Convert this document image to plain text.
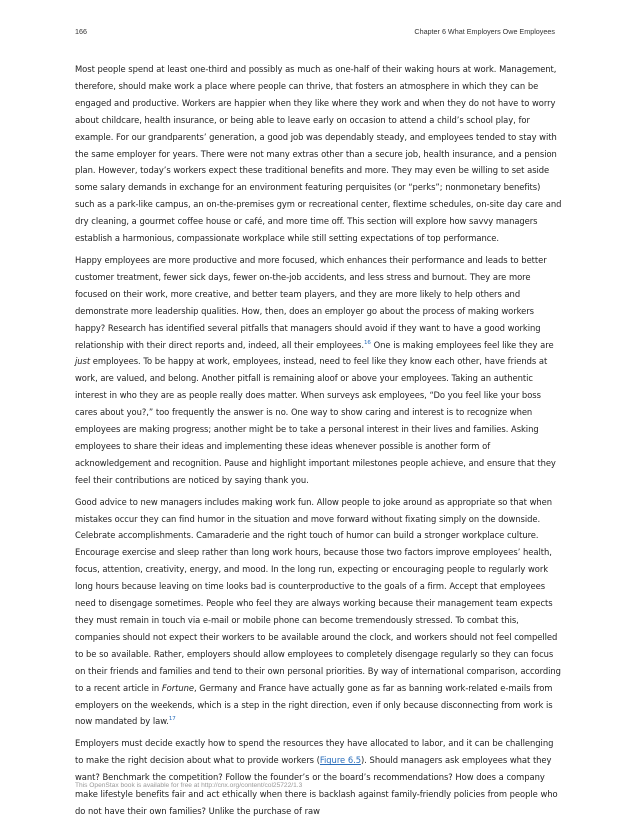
166	Chapter 6 What Employers Owe Employees

Most people spend at least one-third and possibly as much as one-half of their waking hours at work. Management, therefore, should make work a place where people can thrive, that fosters an atmosphere in which they can be engaged and productive. Workers are happier when they like where they work and when they do not have to worry about childcare, health insurance, or being able to leave early on occasion to attend a child’s school play, for example. For our grandparents’ generation, a good job was dependably steady, and employees tended to stay with the same employer for years. There were not many extras other than a secure job, health insurance, and a pension plan. However, today’s workers expect these traditional benefits and more. They may even be willing to set aside some salary demands in exchange for an environment featuring perquisites (or “perks”; nonmonetary benefits) such as a park-like campus, an on-the-premises gym or recreational center, flextime schedules, on-site day care and dry cleaning, a gourmet coffee house or café, and more time off. This section will explore how savvy managers establish a harmonious, compassionate workplace while still setting expectations of top performance.

Happy employees are more productive and more focused, which enhances their performance and leads to better customer treatment, fewer sick days, fewer on-the-job accidents, and less stress and burnout. They are more focused on their work, more creative, and better team players, and they are more likely to help others and demonstrate more leadership qualities. How, then, does an employer go about the process of making workers happy? Research has identified several pitfalls that managers should avoid if they want to have a good working relationship with their direct reports and, indeed, all their employees.$^{16}$ One is making employees feel like they are just employees. To be happy at work, employees, instead, need to feel like they know each other, have friends at work, are valued, and belong. Another pitfall is remaining aloof or above your employees. Taking an authentic interest in who they are as people really does matter. When surveys ask employees, “Do you feel like your boss cares about you?,” too frequently the answer is no. One way to show caring and interest is to recognize when employees are making progress; another might be to take a personal interest in their lives and families. Asking employees to share their ideas and implementing these ideas whenever possible is another form of acknowledgement and recognition. Pause and highlight important milestones people achieve, and ensure that they feel their contributions are noticed by saying thank you.

Good advice to new managers includes making work fun. Allow people to joke around as appropriate so that when mistakes occur they can find humor in the situation and move forward without fixating simply on the downside. Celebrate accomplishments. Camaraderie and the right touch of humor can build a stronger workplace culture. Encourage exercise and sleep rather than long work hours, because those two factors improve employees’ health, focus, attention, creativity, energy, and mood. In the long run, expecting or encouraging people to regularly work long hours because leaving on time looks bad is counterproductive to the goals of a firm. Accept that employees need to disengage sometimes. People who feel they are always working because their management team expects they must remain in touch via e-mail or mobile phone can become tremendously stressed. To combat this, companies should not expect their workers to be available around the clock, and workers should not feel compelled to be so available. Rather, employers should allow employees to completely disengage regularly so they can focus on their friends and families and tend to their own personal priorities. By way of international comparison, according to a recent article in Fortune, Germany and France have actually gone as far as banning work-related e-mails from employers on the weekends, which is a step in the right direction, even if only because disconnecting from work is now mandated by law.$^{17}$

Employers must decide exactly how to spend the resources they have allocated to labor, and it can be challenging to make the right decision about what to provide workers (Figure 6.5). Should managers ask employees what they want? Benchmark the competition? Follow the founder’s or the board’s recommendations? How does a company make lifestyle benefits fair and act ethically when there is backlash against family-friendly policies from people who do not have their own families? Unlike the purchase of raw

This OpenStax book is available for free at http://cnx.org/content/col25722/1.3
